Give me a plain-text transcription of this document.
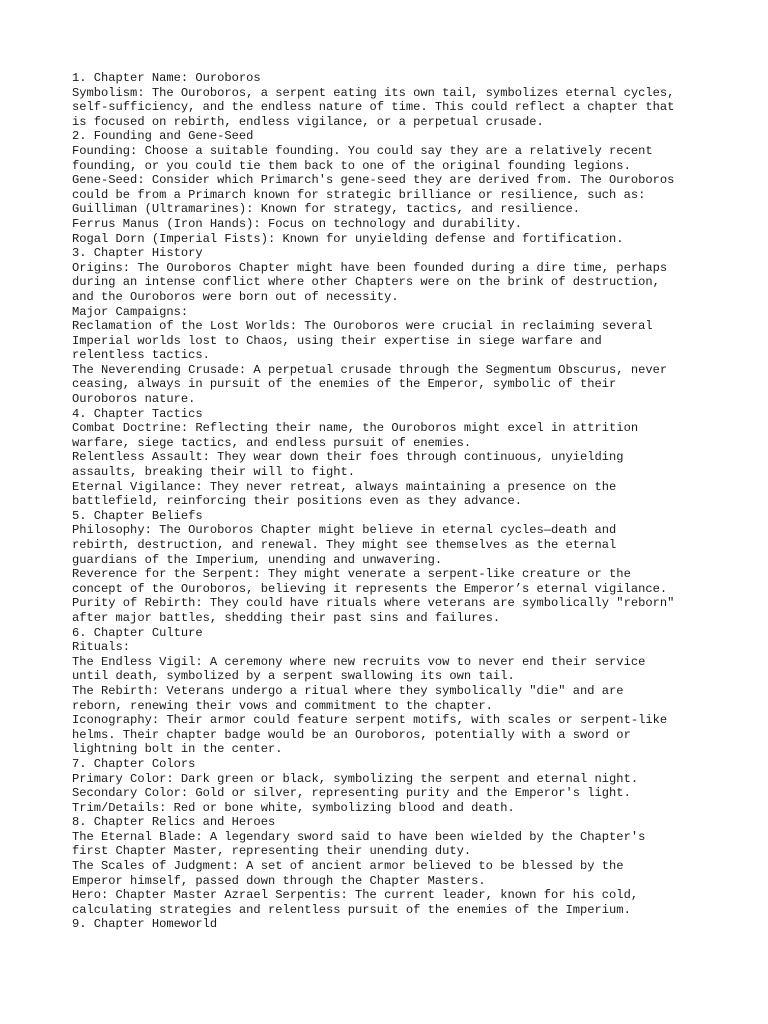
1. Chapter Name: Ouroboros
Symbolism: The Ouroboros, a serpent eating its own tail, symbolizes eternal cycles,
self-sufficiency, and the endless nature of time. This could reflect a chapter that
is focused on rebirth, endless vigilance, or a perpetual crusade.
2. Founding and Gene-Seed
Founding: Choose a suitable founding. You could say they are a relatively recent
founding, or you could tie them back to one of the original founding legions.
Gene-Seed: Consider which Primarch's gene-seed they are derived from. The Ouroboros
could be from a Primarch known for strategic brilliance or resilience, such as:
Guilliman (Ultramarines): Known for strategy, tactics, and resilience.
Ferrus Manus (Iron Hands): Focus on technology and durability.
Rogal Dorn (Imperial Fists): Known for unyielding defense and fortification.
3. Chapter History
Origins: The Ouroboros Chapter might have been founded during a dire time, perhaps
during an intense conflict where other Chapters were on the brink of destruction,
and the Ouroboros were born out of necessity.
Major Campaigns:
Reclamation of the Lost Worlds: The Ouroboros were crucial in reclaiming several
Imperial worlds lost to Chaos, using their expertise in siege warfare and
relentless tactics.
The Neverending Crusade: A perpetual crusade through the Segmentum Obscurus, never
ceasing, always in pursuit of the enemies of the Emperor, symbolic of their
Ouroboros nature.
4. Chapter Tactics
Combat Doctrine: Reflecting their name, the Ouroboros might excel in attrition
warfare, siege tactics, and endless pursuit of enemies.
Relentless Assault: They wear down their foes through continuous, unyielding
assaults, breaking their will to fight.
Eternal Vigilance: They never retreat, always maintaining a presence on the
battlefield, reinforcing their positions even as they advance.
5. Chapter Beliefs
Philosophy: The Ouroboros Chapter might believe in eternal cycles—death and
rebirth, destruction, and renewal. They might see themselves as the eternal
guardians of the Imperium, unending and unwavering.
Reverence for the Serpent: They might venerate a serpent-like creature or the
concept of the Ouroboros, believing it represents the Emperor’s eternal vigilance.
Purity of Rebirth: They could have rituals where veterans are symbolically "reborn"
after major battles, shedding their past sins and failures.
6. Chapter Culture
Rituals:
The Endless Vigil: A ceremony where new recruits vow to never end their service
until death, symbolized by a serpent swallowing its own tail.
The Rebirth: Veterans undergo a ritual where they symbolically "die" and are
reborn, renewing their vows and commitment to the chapter.
Iconography: Their armor could feature serpent motifs, with scales or serpent-like
helms. Their chapter badge would be an Ouroboros, potentially with a sword or
lightning bolt in the center.
7. Chapter Colors
Primary Color: Dark green or black, symbolizing the serpent and eternal night.
Secondary Color: Gold or silver, representing purity and the Emperor's light.
Trim/Details: Red or bone white, symbolizing blood and death.
8. Chapter Relics and Heroes
The Eternal Blade: A legendary sword said to have been wielded by the Chapter's
first Chapter Master, representing their unending duty.
The Scales of Judgment: A set of ancient armor believed to be blessed by the
Emperor himself, passed down through the Chapter Masters.
Hero: Chapter Master Azrael Serpentis: The current leader, known for his cold,
calculating strategies and relentless pursuit of the enemies of the Imperium.
9. Chapter Homeworld
